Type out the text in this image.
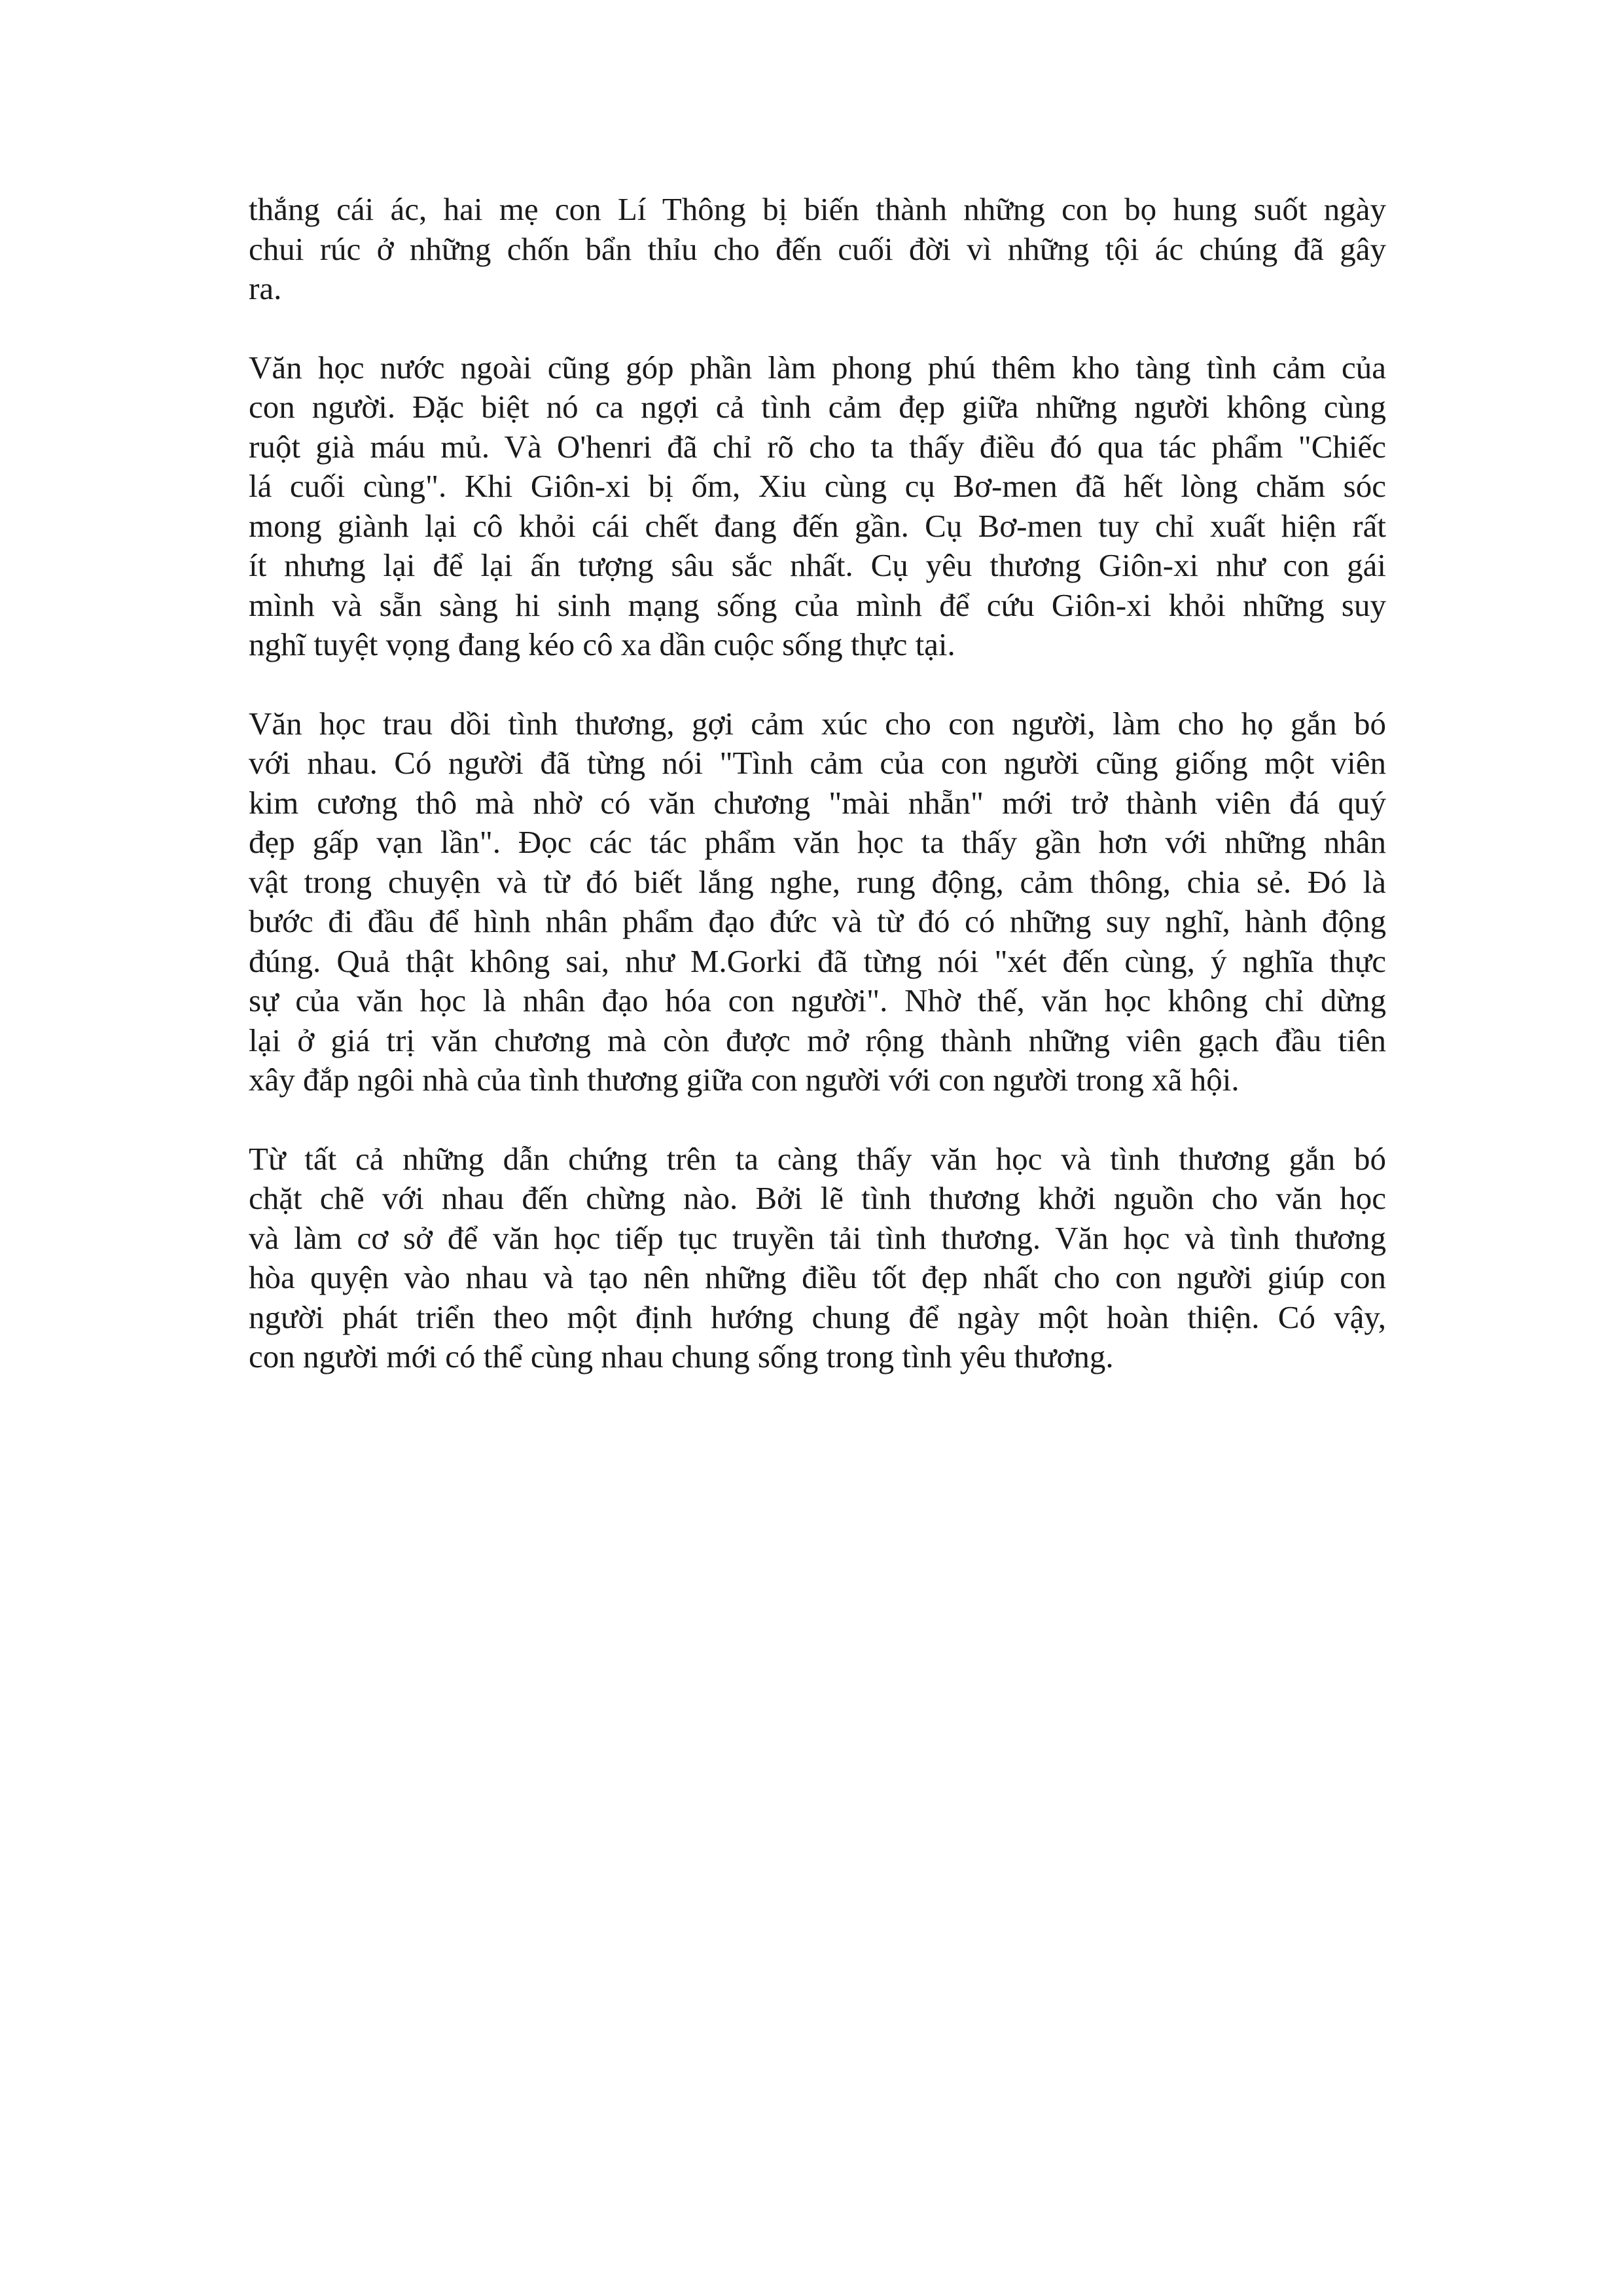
thắng cái ác, hai mẹ con Lí Thông bị biến thành những con bọ hung suốt ngày
chui rúc ở những chốn bẩn thỉu cho đến cuối đời vì những tội ác chúng đã gây
ra.
Văn học nước ngoài cũng góp phần làm phong phú thêm kho tàng tình cảm của
con người. Đặc biệt nó ca ngợi cả tình cảm đẹp giữa những người không cùng
ruột già máu mủ. Và O'henri đã chỉ rõ cho ta thấy điều đó qua tác phẩm "Chiếc
lá cuối cùng". Khi Giôn-xi bị ốm, Xiu cùng cụ Bơ-men đã hết lòng chăm sóc
mong giành lại cô khỏi cái chết đang đến gần. Cụ Bơ-men tuy chỉ xuất hiện rất
ít nhưng lại để lại ấn tượng sâu sắc nhất. Cụ yêu thương Giôn-xi như con gái
mình và sẵn sàng hi sinh mạng sống của mình để cứu Giôn-xi khỏi những suy
nghĩ tuyệt vọng đang kéo cô xa dần cuộc sống thực tại.
Văn học trau dồi tình thương, gợi cảm xúc cho con người, làm cho họ gắn bó
với nhau. Có người đã từng nói "Tình cảm của con người cũng giống một viên
kim cương thô mà nhờ có văn chương "mài nhẵn" mới trở thành viên đá quý
đẹp gấp vạn lần". Đọc các tác phẩm văn học ta thấy gần hơn với những nhân
vật trong chuyện và từ đó biết lắng nghe, rung động, cảm thông, chia sẻ. Đó là
bước đi đầu để hình nhân phẩm đạo đức và từ đó có những suy nghĩ, hành động
đúng. Quả thật không sai, như M.Gorki đã từng nói "xét đến cùng, ý nghĩa thực
sự của văn học là nhân đạo hóa con người". Nhờ thế, văn học không chỉ dừng
lại ở giá trị văn chương mà còn được mở rộng thành những viên gạch đầu tiên
xây đắp ngôi nhà của tình thương giữa con người với con người trong xã hội.
Từ tất cả những dẫn chứng trên ta càng thấy văn học và tình thương gắn bó
chặt chẽ với nhau đến chừng nào. Bởi lẽ tình thương khởi nguồn cho văn học
và làm cơ sở để văn học tiếp tục truyền tải tình thương. Văn học và tình thương
hòa quyện vào nhau và tạo nên những điều tốt đẹp nhất cho con người giúp con
người phát triển theo một định hướng chung để ngày một hoàn thiện. Có vậy,
con người mới có thể cùng nhau chung sống trong tình yêu thương.
